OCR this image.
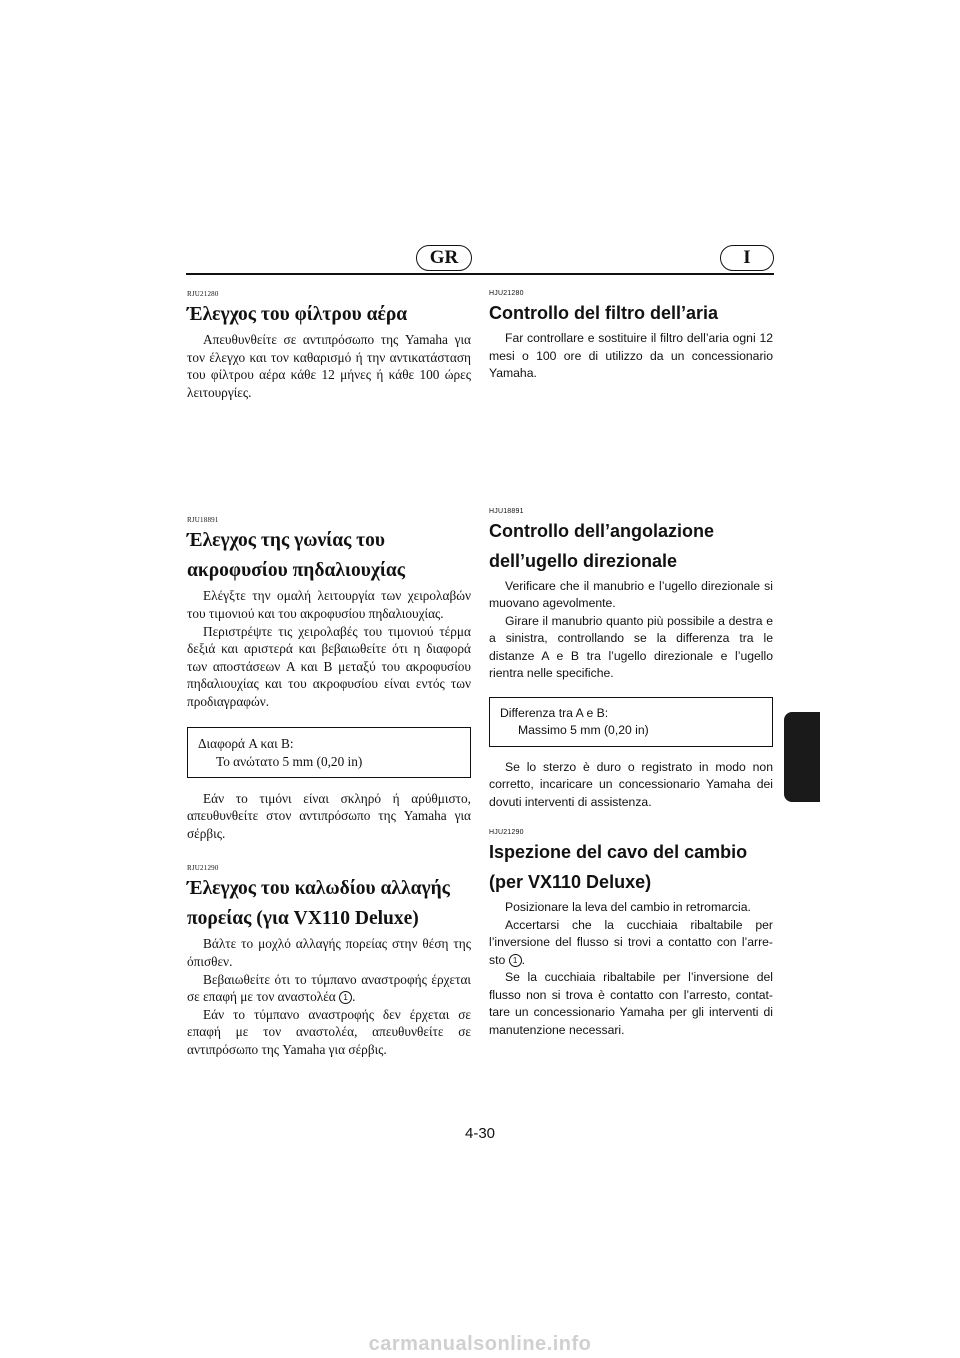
GR	I
RJU21280
Έλεγχος του φίλτρου αέρα

Απευθυνθείτε σε αντιπρόσωπο της Yamaha για τον έλεγχο και τον καθαρισμό ή την αντικατάσταση του φίλτρου αέρα κάθε 12 μήνες ή κάθε 100 ώρες λειτουργίες.

RJU18891
Έλεγχος της γωνίας του
ακροφυσίου πηδαλιουχίας

Ελέγξτε την ομαλή λειτουργία των χειρολαβών του τιμονιού και του ακροφυσίου πηδαλιουχίας.

Περιστρέψτε τις χειρολαβές του τιμονιού τέρμα δεξιά και αριστερά και βεβαιωθείτε ότι η διαφορά των αποστάσεων A και B μεταξύ του ακροφυσίου πηδαλιουχίας και του ακροφυσίου είναι εντός των προδιαγραφών.

Διαφορά A και B:
Το ανώτατο 5 mm (0,20 in)

Εάν το τιμόνι είναι σκληρό ή αρύθμιστο, απευθυνθείτε στον αντιπρόσωπο της Yamaha για σέρβις.

RJU21290
Έλεγχος του καλωδίου αλλαγής
πορείας (για VX110 Deluxe)

Βάλτε το μοχλό αλλαγής πορείας στην θέση της όπισθεν.

Βεβαιωθείτε ότι το τύμπανο αναστροφής έρχεται σε επαφή με τον αναστολέα 1 .

Εάν το τύμπανο αναστροφής δεν έρχεται σε επαφή με τον αναστολέα, απευθυνθείτε σε αντιπρόσωπο της Yamaha για σέρβις.

HJU21280
Controllo del filtro dell’aria

Far controllare e sostituire il filtro dell’aria ogni 12 mesi o 100 ore di utilizzo da un concessionario Yamaha.

HJU18891
Controllo dell’angolazione
dell’ugello direzionale

Verificare che il manubrio e l’ugello direzionale si muovano agevolmente.

Girare il manubrio quanto più possibile a destra e a sinistra, controllando se la differenza tra le distanze A e B tra l’ugello direzionale e l’ugello rientra nelle specifiche.

Differenza tra A e B:
Massimo 5 mm (0,20 in)

Se lo sterzo è duro o registrato in modo non corretto, incaricare un concessionario Yamaha dei dovuti interventi di assistenza.

HJU21290
Ispezione del cavo del cambio
(per VX110 Deluxe)

Posizionare la leva del cambio in retromarcia.

Accertarsi che la cucchiaia ribaltabile per l’inversione del flusso si trovi a contatto con l’arre-sto 1 .

Se la cucchiaia ribaltabile per l’inversione del flusso non si trova è contatto con l’arresto, contat-tare un concessionario Yamaha per gli interventi di manutenzione necessari.

4-30
carmanualsonline.info
